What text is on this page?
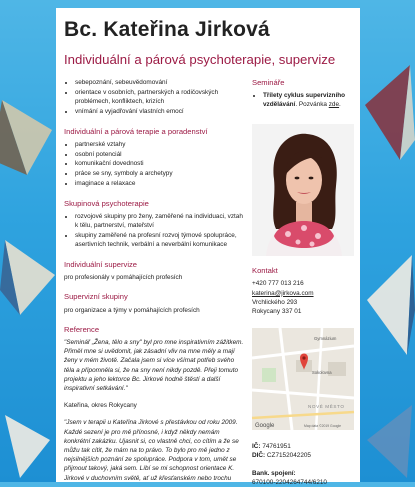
Bc. Kateřina Jirková
Individuální a párová psychoterapie, supervize
• sebepoznání, sebeuvědomování
• orientace v osobních, partnerských a rodičovských problémech, konfliktech, krizích
• vnímání a vyjadřování vlastních emocí
Individuální a párová terapie a poradenství
• partnerské vztahy
• osobní potenciál
• komunikační dovednosti
• práce se sny, symboly a archetypy
• imaginace a relaxace
Skupinová psychoterapie
• rozvojové skupiny pro ženy, zaměřené na individuaci, vztah k tělu, partnerství, mateřství
• skupiny zaměřené na profesní rozvoj týmové spolupráce, asertivních technik, verbální a neverbální komunikace
Individuální supervize

pro profesionály v pomáhajících profesích

Supervizní skupiny

pro organizace a týmy v pomáhajících profesích

Reference

"Seminář „Žena, tělo a sny" byl pro mne inspirativním zážitkem. Přiměl mne si uvědomit, jak zásadní vliv na mne měly a mají ženy v mém životě. Začala jsem si více všímat potřeb svého těla a připomněla si, že na sny není nikdy pozdě. Přeji tomuto projektu a jeho lektorce Bc. Jirkové hodně štěstí a další inspirativní setkávání."

Kateřina, okres Rokycany

"Jsem v terapii u Kateřina Jirkové s přestávkou od roku 2009. Každé sezení je pro mě přínosné, i když někdy nemám konkrétní zakázku. Ujasnit si, co vlastně chci, co cítím a že se můžu tak cítit, že mám na to právo. To bylo pro mě jedno z nejsilnějších poznání ze spolupráce. Podpora v tom, umět se přijmout takový, jaká sem. Líbí se mi schopnost orientace K. Jirkové v duchovním světě, ať už křesťanském nebo trochu

Semináře
• Třílety cyklus supervizního vzdělávání. Pozvánka zde.
Kontakt

+420 777 013 216

katerina@jirkova.com

Vrchlického 293

Rokycany 337 01

Gymnázium
Sokolovna
NOVÉ MĚSTO
Google	Map data ©2019 Google

IČ: 74761951

DIČ: CZ7152042205

Bank. spojení:

670100-2204264744/6210
